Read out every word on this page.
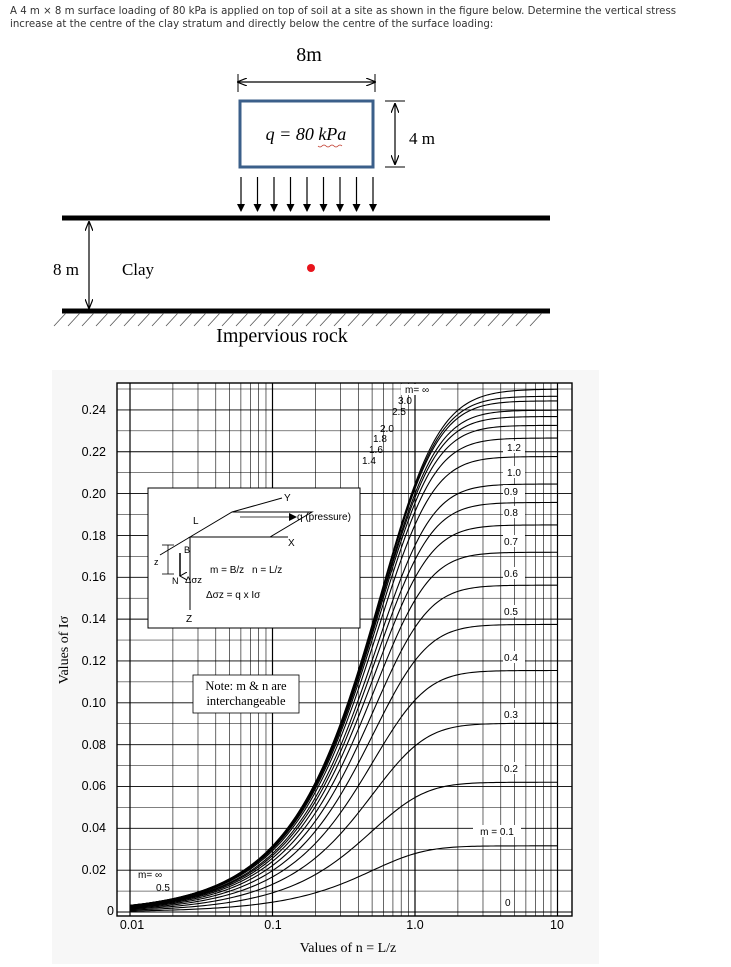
A 4 m × 8 m surface loading of 80 kPa is applied on top of soil at a site as shown in the figure below. Determine the vertical stress
increase at the centre of the clay stratum and directly below the centre of the surface loading:
8m
q = 80 kPa	4 m
8 m	Clay
Impervious rock
0.24
0.22
0.20
0.18
0.16
0.14
0.12
0.10
0.08
0.06
0.04
0.02
0
0.01	0.1	1.0	10
Values of n = L/z
Values of Iσ
1.2
1.0
0.9
0.8
0.7
0.6
0.5
0.4
0.3
0.2
m = 0.1
m= ∞
3.0
2.5
2.0
1.8
1.6
1.4
m= ∞
0.5
0
Y
X
Z
L
B
z
N Δσz
q (pressure)
m = B/z n = L/z
Δσz = q x Iσ
Note: m & n are
interchangeable
